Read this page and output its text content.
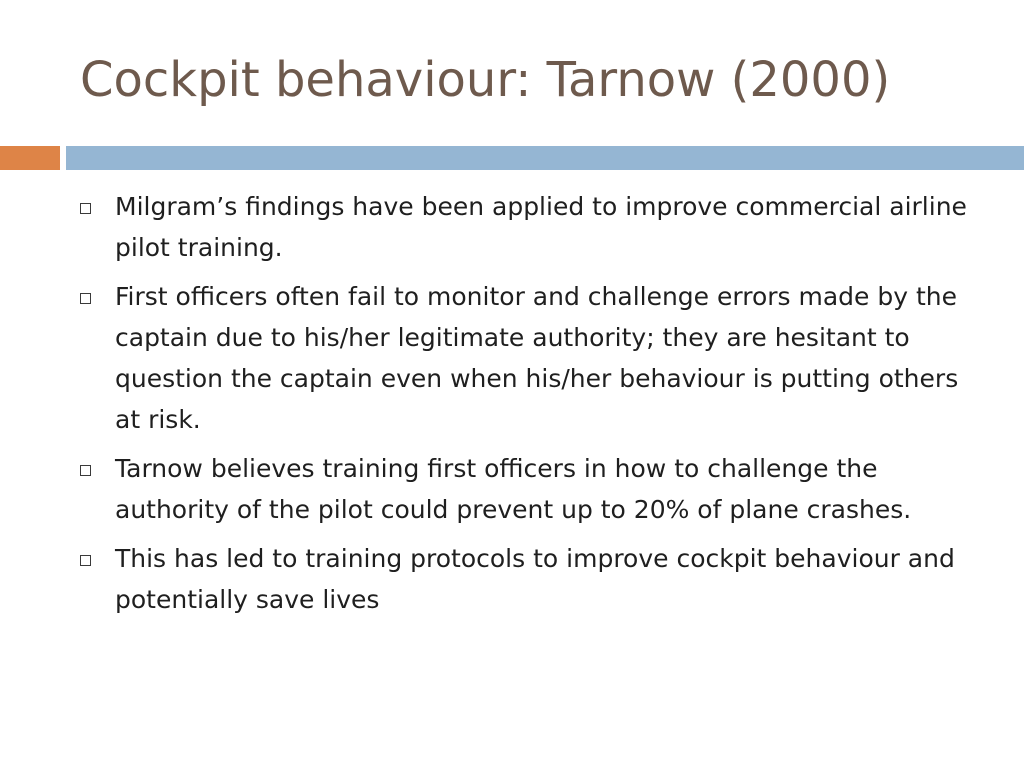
Cockpit behaviour: Tarnow (2000)
Milgram’s findings have been applied to improve commercial airline pilot training.
First officers often fail to monitor and challenge errors made by the captain due to his/her legitimate authority; they are hesitant to question the captain even when his/her behaviour is putting others at risk.
Tarnow believes training first officers in how to challenge the authority of the pilot could prevent up to 20% of plane crashes.
This has led to training protocols to improve cockpit behaviour and potentially save lives
